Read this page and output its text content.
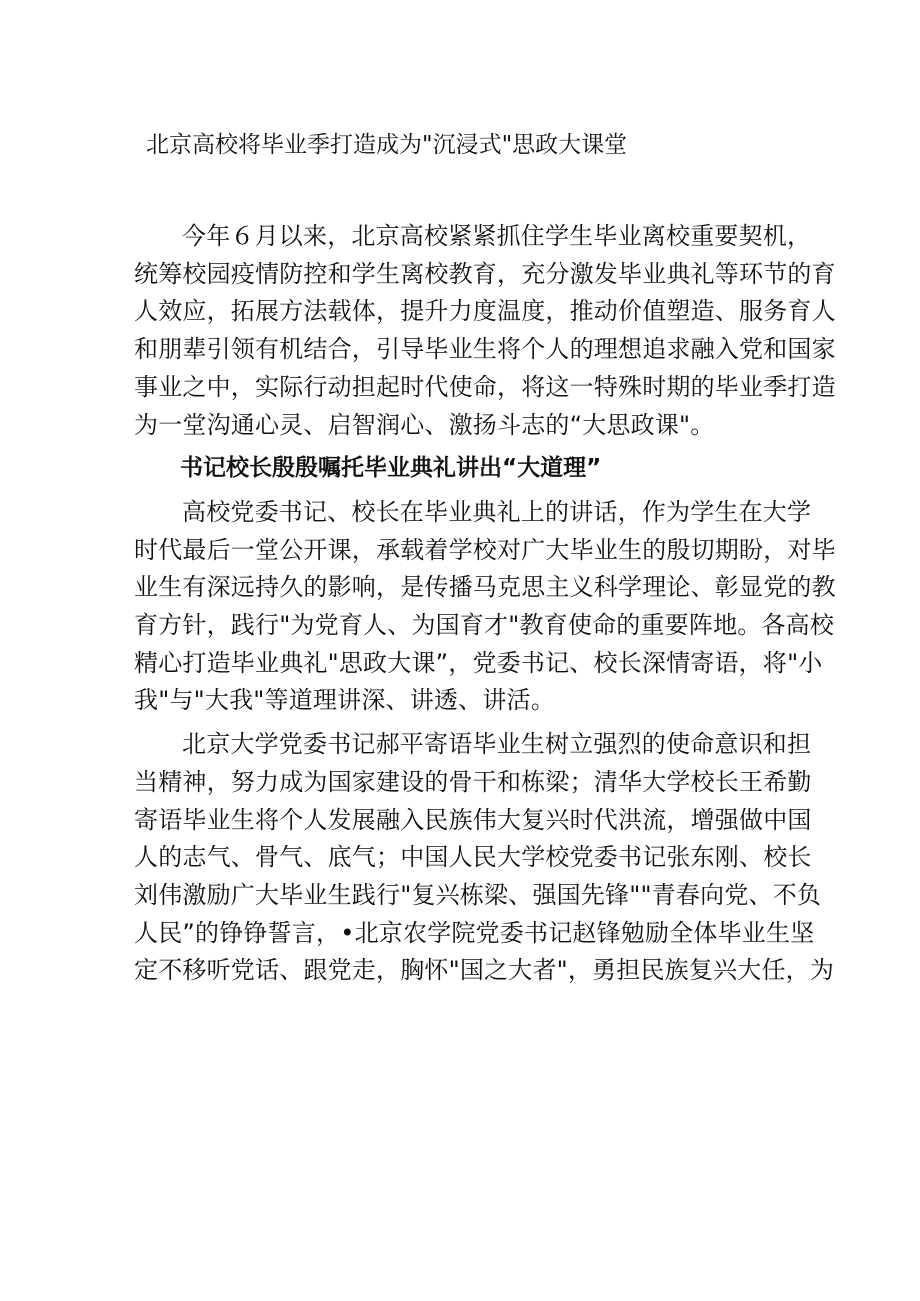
北京高校将毕业季打造成为"沉浸式"思政大课堂

今年６月以来，北京高校紧紧抓住学生毕业离校重要契机，
统筹校园疫情防控和学生离校教育，充分激发毕业典礼等环节的育
人效应，拓展方法载体，提升力度温度，推动价值塑造、服务育人
和朋辈引领有机结合，引导毕业生将个人的理想追求融入党和国家
事业之中，实际行动担起时代使命，将这一特殊时期的毕业季打造
为一堂沟通心灵、启智润心、激扬斗志的“大思政课"。

书记校长殷殷嘱托毕业典礼讲出“大道理”

高校党委书记、校长在毕业典礼上的讲话，作为学生在大学
时代最后一堂公开课，承载着学校对广大毕业生的殷切期盼，对毕
业生有深远持久的影响，是传播马克思主义科学理论、彰显党的教
育方针，践行"为党育人、为国育才"教育使命的重要阵地。各高校
精心打造毕业典礼"思政大课”，党委书记、校长深情寄语，将"小
我"与"大我"等道理讲深、讲透、讲活。

北京大学党委书记郝平寄语毕业生树立强烈的使命意识和担
当精神，努力成为国家建设的骨干和栋梁；清华大学校长王希勤
寄语毕业生将个人发展融入民族伟大复兴时代洪流，增强做中国
人的志气、骨气、底气；中国人民大学校党委书记张东刚、校长
刘伟激励广大毕业生践行"复兴栋梁、强国先锋""青春向党、不负
人民”的铮铮誓言，•北京农学院党委书记赵锋勉励全体毕业生坚
定不移听党话、跟党走，胸怀"国之大者"，勇担民族复兴大任，为
